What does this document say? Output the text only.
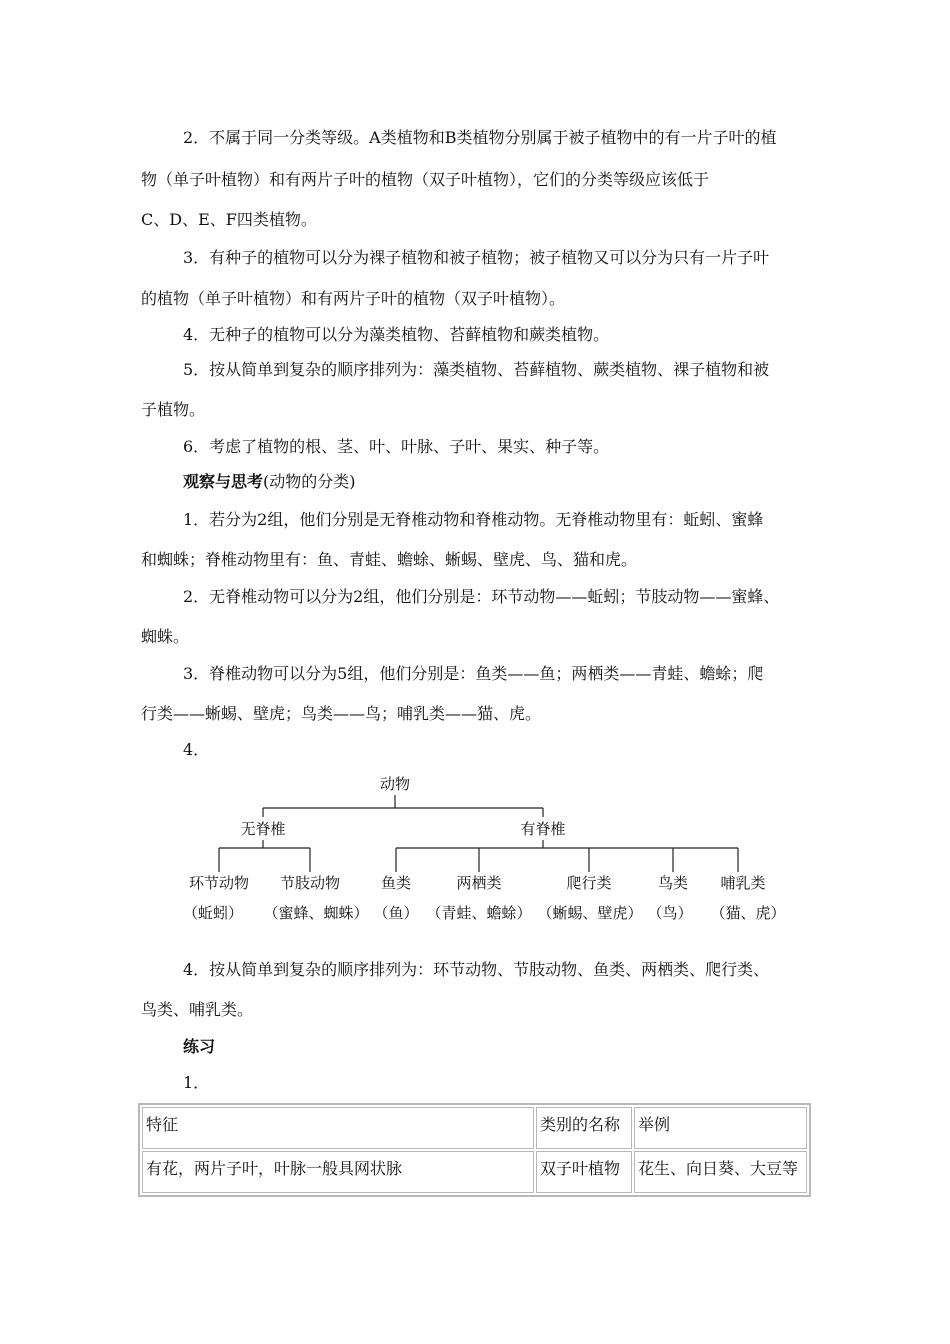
2．不属于同一分类等级。A类植物和B类植物分别属于被子植物中的有一片子叶的植
物（单子叶植物）和有两片子叶的植物（双子叶植物），它们的分类等级应该低于
C、D、E、F四类植物。
3．有种子的植物可以分为裸子植物和被子植物；被子植物又可以分为只有一片子叶
的植物（单子叶植物）和有两片子叶的植物（双子叶植物）。
4．无种子的植物可以分为藻类植物、苔藓植物和蕨类植物。
5．按从简单到复杂的顺序排列为：藻类植物、苔藓植物、蕨类植物、裸子植物和被
子植物。
6．考虑了植物的根、茎、叶、叶脉、子叶、果实、种子等。
观察与思考(动物的分类)
1．若分为2组，他们分别是无脊椎动物和脊椎动物。无脊椎动物里有：蚯蚓、蜜蜂
和蜘蛛；脊椎动物里有：鱼、青蛙、蟾蜍、蜥蜴、壁虎、鸟、猫和虎。
2．无脊椎动物可以分为2组，他们分别是：环节动物——蚯蚓；节肢动物——蜜蜂、
蜘蛛。
3．脊椎动物可以分为5组，他们分别是：鱼类——鱼；两栖类——青蛙、蟾蜍；爬
行类——蜥蜴、壁虎；鸟类——鸟；哺乳类——猫、虎。
4．
动物
无脊椎	有脊椎
环节动物 节肢动物	鱼类	两栖类	爬行类	鸟类 哺乳类
（蚯蚓） （蜜蜂、蜘蛛） （鱼） （青蛙、蟾蜍） （蜥蜴、壁虎） （鸟） （猫、虎）
4．按从简单到复杂的顺序排列为：环节动物、节肢动物、鱼类、两栖类、爬行类、
鸟类、哺乳类。
练习
1．
特征	类别的名称	举例
有花，两片子叶，叶脉一般具网状脉	双子叶植物	花生、向日葵、大豆等
